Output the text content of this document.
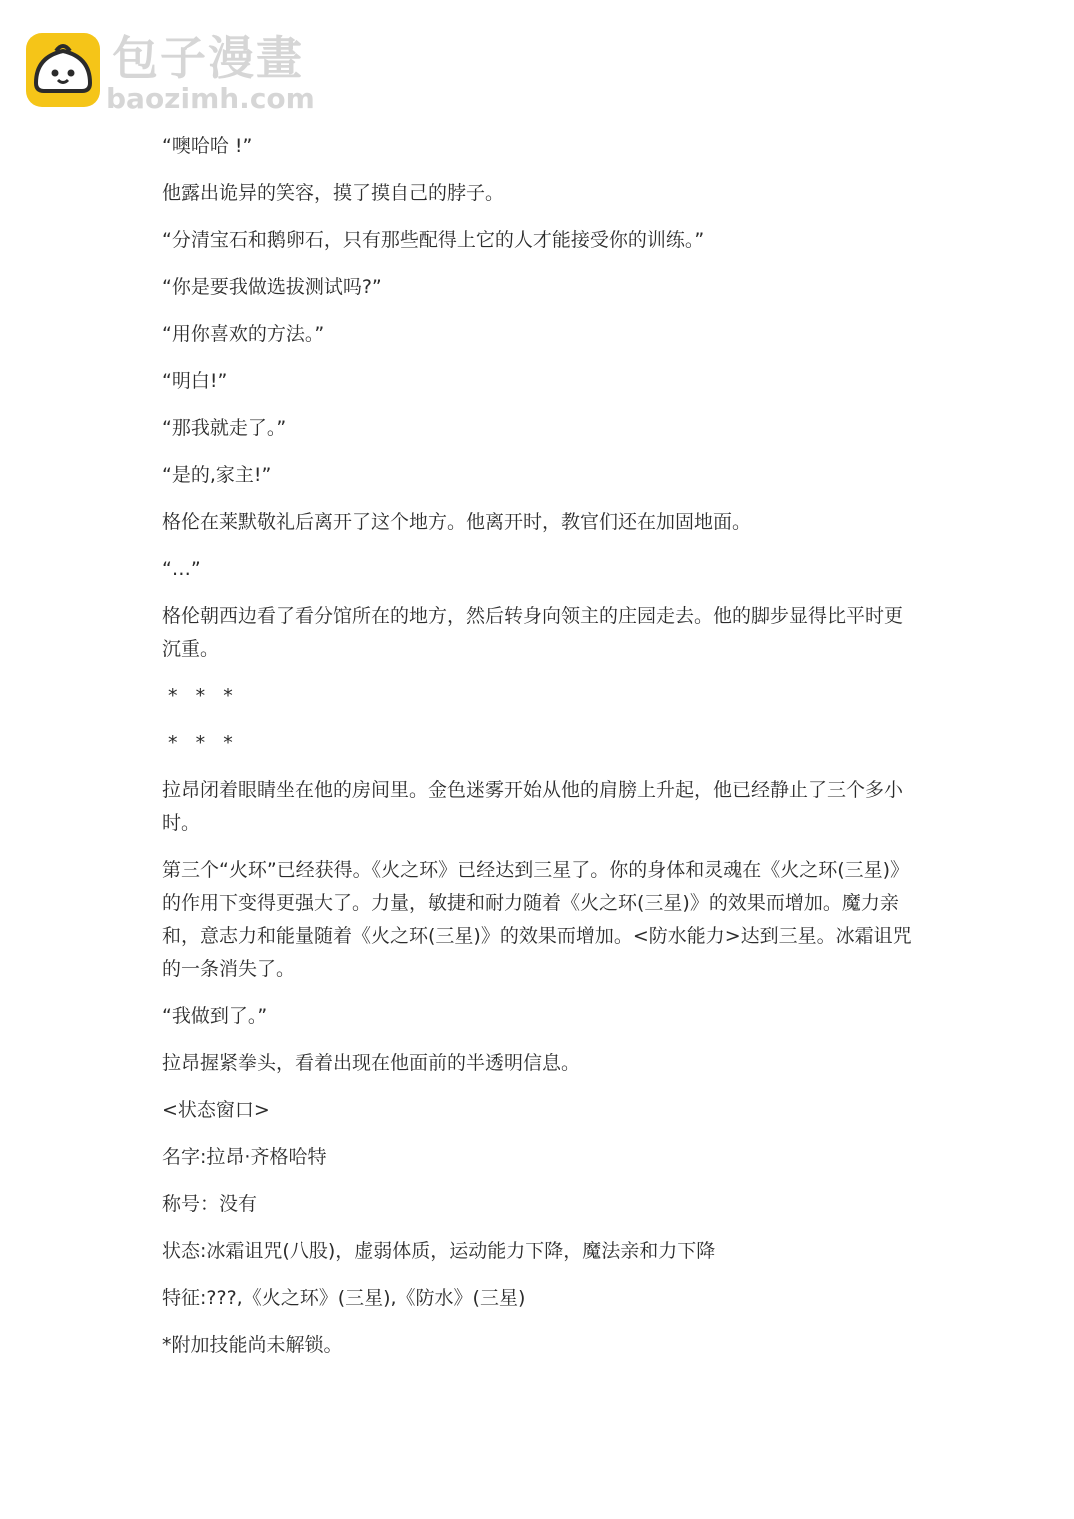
包子漫畫
baozimh.com

“噢哈哈 !”

他露出诡异的笑容，摸了摸自己的脖子。

“分清宝石和鹅卵石，只有那些配得上它的人才能接受你的训练。”

“你是要我做选拔测试吗?”

“用你喜欢的方法。”

“明白!”

“那我就走了。”

“是的,家主!”

格伦在莱默敬礼后离开了这个地方。他离开时，教官们还在加固地面。

“…”

格伦朝西边看了看分馆所在的地方，然后转身向领主的庄园走去。他的脚步显得比平时更沉重。

*   *   *

*   *   *

拉昂闭着眼睛坐在他的房间里。金色迷雾开始从他的肩膀上升起，他已经静止了三个多小时。

第三个“火环”已经获得。《火之环》已经达到三星了。你的身体和灵魂在《火之环(三星)》的作用下变得更强大了。力量，敏捷和耐力随着《火之环(三星)》的效果而增加。魔力亲和，意志力和能量随着《火之环(三星)》的效果而增加。<防水能力>达到三星。冰霜诅咒的一条消失了。

“我做到了。”

拉昂握紧拳头，看着出现在他面前的半透明信息。

<状态窗口>

名字:拉昂·齐格哈特

称号：没有

状态:冰霜诅咒(八股)，虚弱体质，运动能力下降，魔法亲和力下降

特征:???,《火之环》(三星),《防水》(三星)

*附加技能尚未解锁。
